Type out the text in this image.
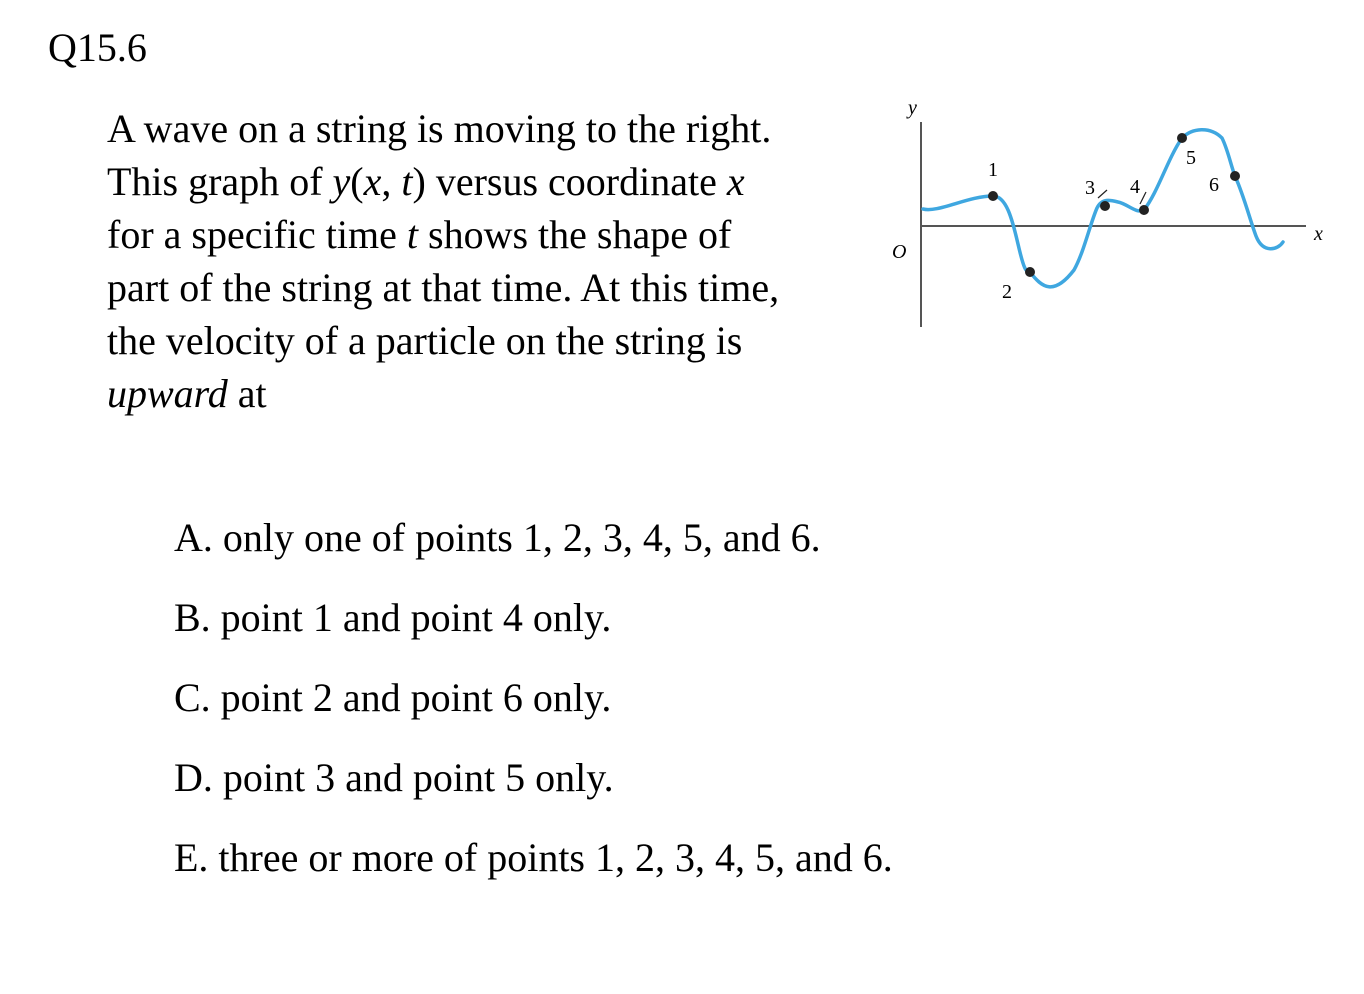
Q15.6
A wave on a string is moving to the right.
This graph of y(x, t) versus coordinate x
for a specific time t shows the shape of
part of the string at that time. At this time,
the velocity of a particle on the string is
upward at
y
x
O
1
2
3 4
5
6
A. only one of points 1, 2, 3, 4, 5, and 6.
B. point 1 and point 4 only.
C. point 2 and point 6 only.
D. point 3 and point 5 only.
E. three or more of points 1, 2, 3, 4, 5, and 6.
